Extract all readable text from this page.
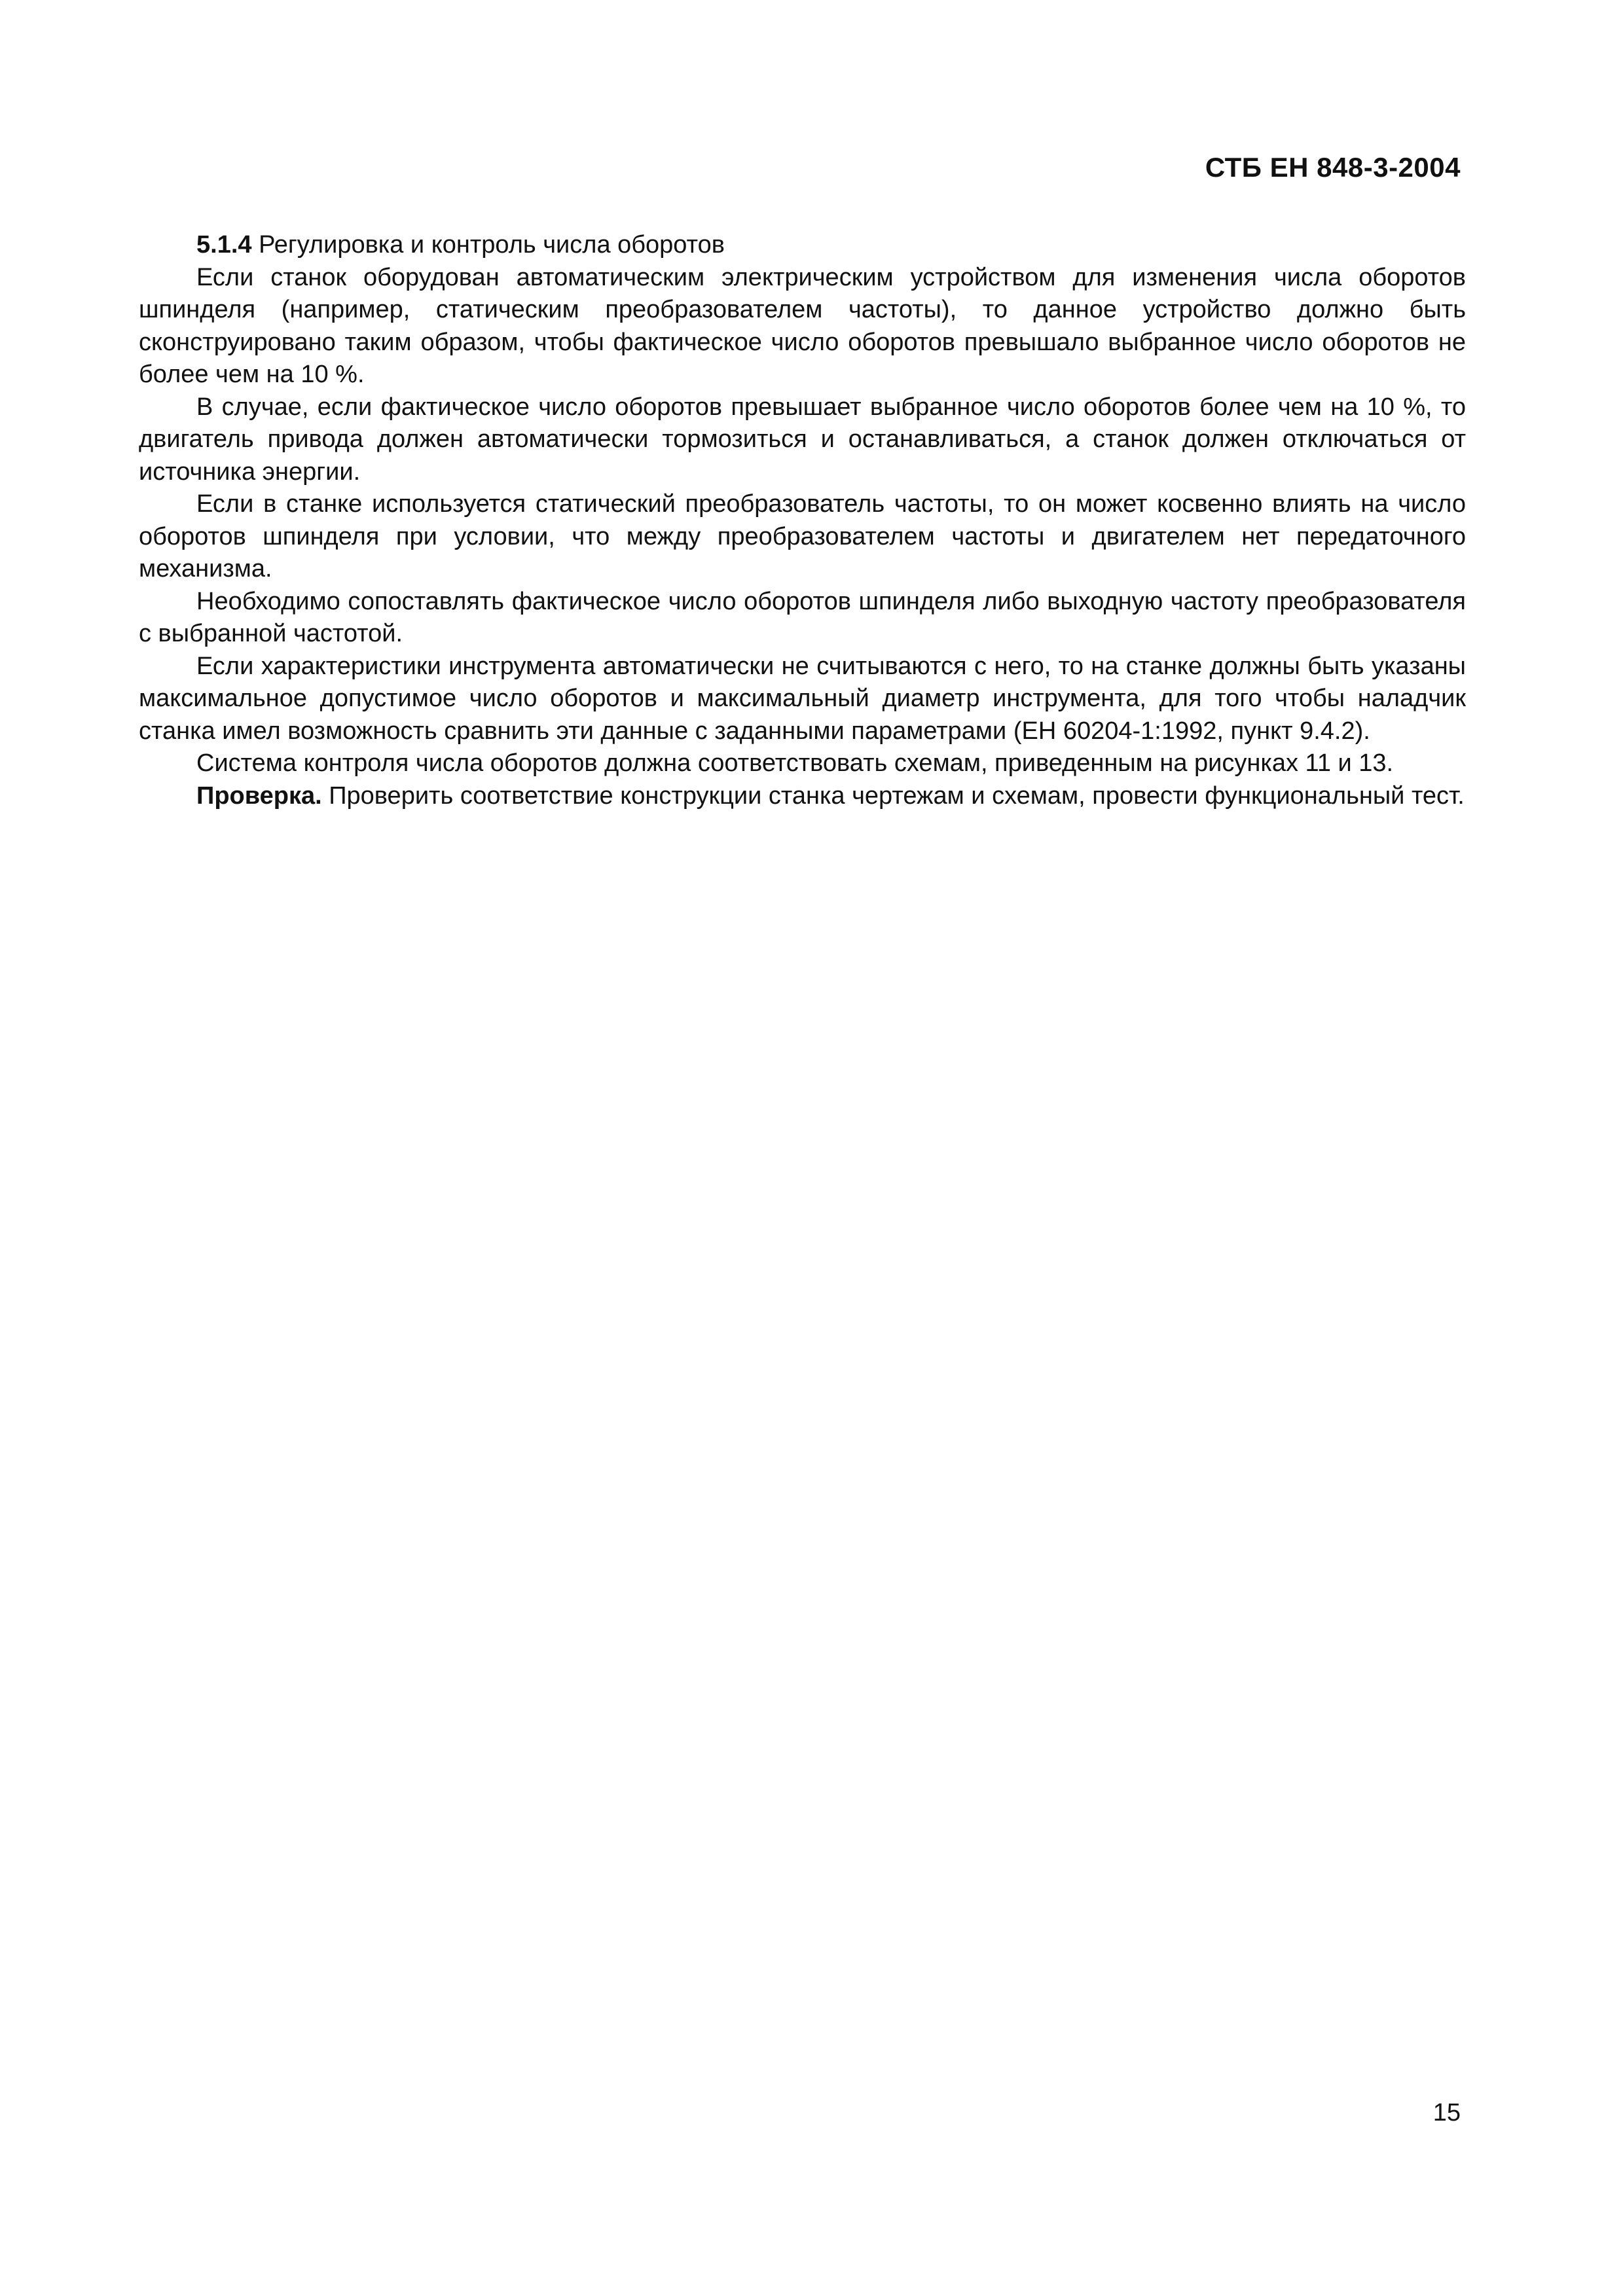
СТБ ЕН 848-3-2004

5.1.4 Регулировка и контроль числа оборотов

Если станок оборудован автоматическим электрическим устройством для изменения числа оборотов шпинделя (например, статическим преобразователем частоты), то данное устройство должно быть сконструировано таким образом, чтобы фактическое число оборотов превышало выбранное число оборотов не более чем на 10 %.

В случае, если фактическое число оборотов превышает выбранное число оборотов более чем на 10 %, то двигатель привода должен автоматически тормозиться и останавливаться, а станок должен отключаться от источника энергии.

Если в станке используется статический преобразователь частоты, то он может косвенно влиять на число оборотов шпинделя при условии, что между преобразователем частоты и двигателем нет передаточного механизма.

Необходимо сопоставлять фактическое число оборотов шпинделя либо выходную частоту преобразователя с выбранной частотой.

Если характеристики инструмента автоматически не считываются с него, то на станке должны быть указаны максимальное допустимое число оборотов и максимальный диаметр инструмента, для того чтобы наладчик станка имел возможность сравнить эти данные с заданными параметрами (ЕН 60204-1:1992, пункт 9.4.2).

Система контроля числа оборотов должна соответствовать схемам, приведенным на рисунках 11 и 13.

Проверка. Проверить соответствие конструкции станка чертежам и схемам, провести функциональный тест.

15
